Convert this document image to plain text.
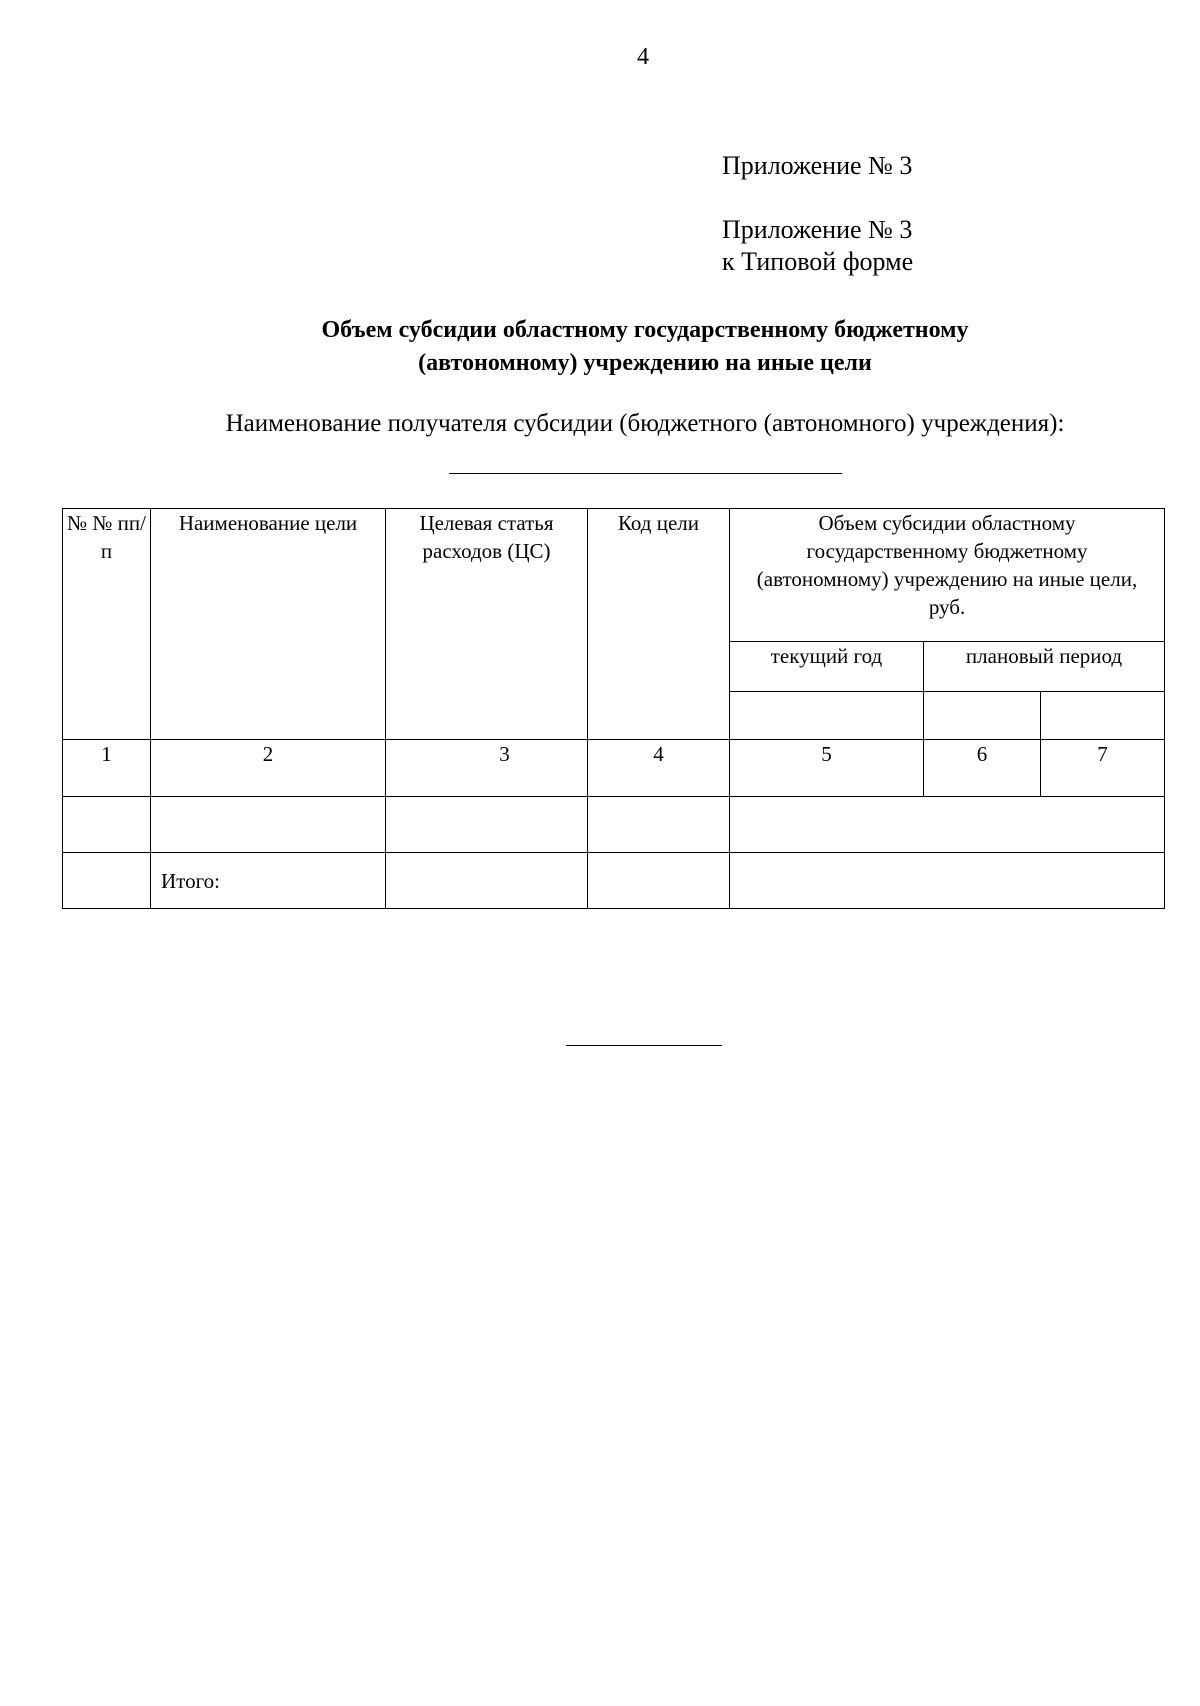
4
Приложение № 3
Приложение № 3
к Типовой форме
Объем субсидии областному государственному бюджетному
(автономному) учреждению на иные цели
Наименование получателя субсидии (бюджетного (автономного) учреждения):
№ № пп/п	Наименование цели	Целевая статья расходов (ЦС)	Код цели	Объем субсидии областному государственному бюджетному (автономному) учреждению на иные цели, руб.		
				текущий год	плановый период	

1	2	3	4	5	6	7

	Итого:					
